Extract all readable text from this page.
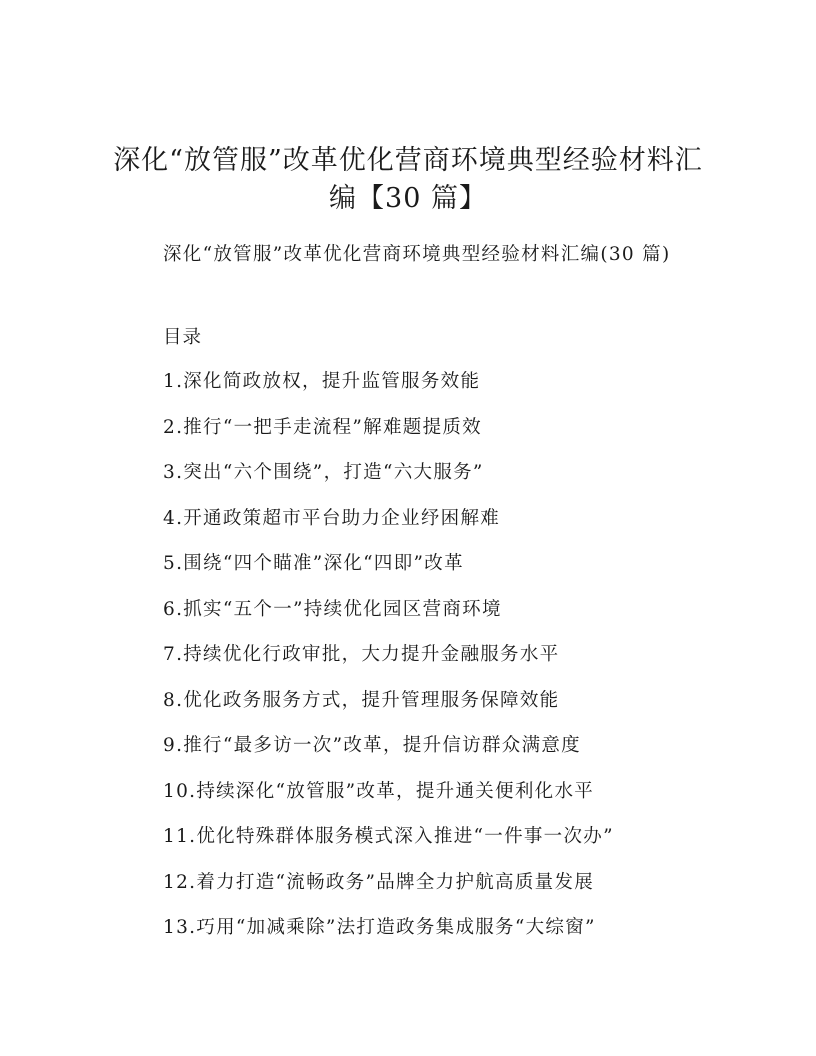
深化“放管服”改革优化营商环境典型经验材料汇编【30 篇】

深化“放管服”改革优化营商环境典型经验材料汇编(30 篇)

目录

1.深化简政放权，提升监管服务效能
2.推行“一把手走流程”解难题提质效
3.突出“六个围绕”，打造“六大服务”
4.开通政策超市平台助力企业纾困解难
5.围绕“四个瞄准”深化“四即”改革
6.抓实“五个一”持续优化园区营商环境
7.持续优化行政审批，大力提升金融服务水平
8.优化政务服务方式，提升管理服务保障效能
9.推行“最多访一次”改革，提升信访群众满意度
10.持续深化“放管服”改革，提升通关便利化水平
11.优化特殊群体服务模式深入推进“一件事一次办”
12.着力打造“流畅政务”品牌全力护航高质量发展
13.巧用“加减乘除”法打造政务集成服务“大综窗”
